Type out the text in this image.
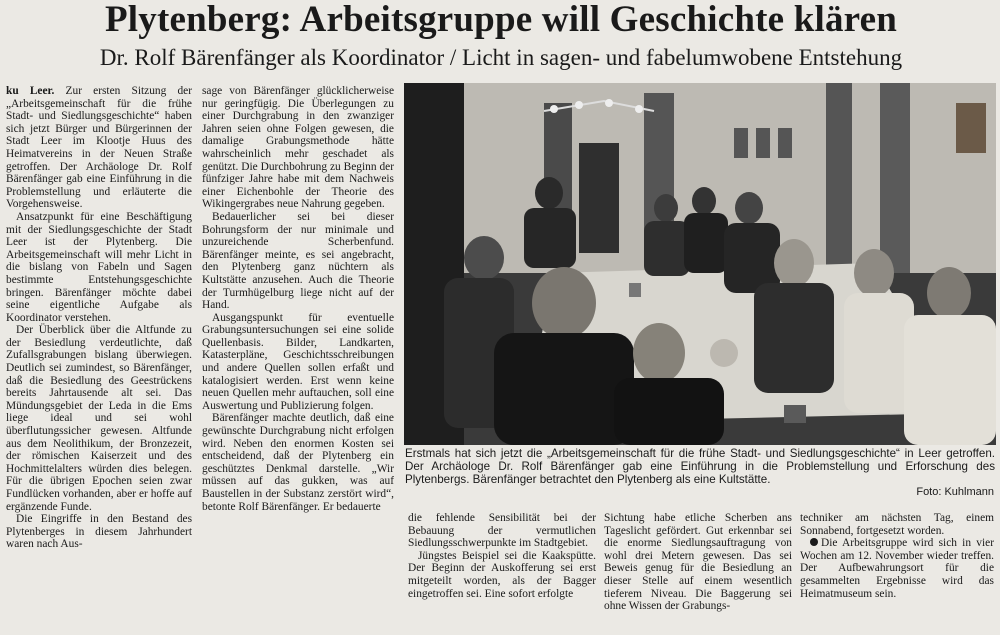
Plytenberg: Arbeitsgruppe will Geschichte klären
Dr. Rolf Bärenfänger als Koordinator / Licht in sagen- und fabelumwobene Entstehung

ku Leer. Zur ersten Sitzung der „Arbeitsgemeinschaft für die frühe Stadt- und Siedlungsgeschichte“ haben sich jetzt Bürger und Bürgerinnen der Stadt Leer im Klootje Huus des Heimatvereins in der Neuen Straße getroffen. Der Archäologe Dr. Rolf Bärenfänger gab eine Einführung in die Problemstellung und erläuterte die Vorgehensweise.

Ansatzpunkt für eine Beschäftigung mit der Siedlungsgeschichte der Stadt Leer ist der Plytenberg. Die Arbeitsgemeinschaft will mehr Licht in die bislang von Fabeln und Sagen bestimmte Entstehungsgeschichte bringen. Bärenfänger möchte dabei seine eigentliche Aufgabe als Koordinator verstehen.

Der Überblick über die Altfunde zu der Besiedlung verdeutlichte, daß Zufallsgrabungen bislang überwiegen. Deutlich sei zumindest, so Bärenfänger, daß die Besiedlung des Geestrückens bereits Jahrtausende alt sei. Das Mündungsgebiet der Leda in die Ems liege ideal und sei wohl überflutungssicher gewesen. Altfunde aus dem Neolithikum, der Bronzezeit, der römischen Kaiserzeit und des Hochmittelalters würden dies belegen. Für die übrigen Epochen seien zwar Fundlücken vorhanden, aber er hoffe auf ergänzende Funde.

Die Eingriffe in den Bestand des Plytenberges in diesem Jahrhundert waren nach Aus-

sage von Bärenfänger glücklicherweise nur geringfügig. Die Überlegungen zu einer Durchgrabung in den zwanziger Jahren seien ohne Folgen gewesen, die damalige Grabungsmethode hätte wahrscheinlich mehr geschadet als genützt. Die Durchbohrung zu Beginn der fünfziger Jahre habe mit dem Nachweis einer Eichenbohle der Theorie des Wikingergrabes neue Nahrung gegeben.

Bedauerlicher sei bei dieser Bohrungsform der nur minimale und unzureichende Scherbenfund. Bärenfänger meinte, es sei angebracht, den Plytenberg ganz nüchtern als Kultstätte anzusehen. Auch die Theorie der Turmhügelburg liege nicht auf der Hand.

Ausgangspunkt für eventuelle Grabungsuntersuchungen sei eine solide Quellenbasis. Bilder, Landkarten, Katasterpläne, Geschichtsschreibungen und andere Quellen sollen erfaßt und katalogisiert werden. Erst wenn keine neuen Quellen mehr auftauchen, soll eine Auswertung und Publizierung folgen.

Bärenfänger machte deutlich, daß eine gewünschte Durchgrabung nicht erfolgen wird. Neben den enormen Kosten sei entscheidend, daß der Plytenberg ein geschütztes Denkmal darstelle. „Wir müssen auf das gukken, was auf Baustellen in der Substanz zerstört wird“, betonte Rolf Bärenfänger. Er bedauerte

Erstmals hat sich jetzt die „Arbeitsgemeinschaft für die frühe Stadt- und Siedlungsgeschichte“ in Leer getroffen. Der Archäologe Dr. Rolf Bärenfänger gab eine Einführung in die Problemstellung und Erforschung des Plytenbergs. Bärenfänger betrachtet den Plytenberg als eine Kultstätte.
Foto: Kuhlmann

die fehlende Sensibilität bei der Bebauung der vermutlichen Siedlungsschwerpunkte im Stadtgebiet.

Jüngstes Beispiel sei die Kaakspütte. Der Beginn der Auskofferung sei erst mitgeteilt worden, als der Bagger eingetroffen sei. Eine sofort erfolgte

Sichtung habe etliche Scherben ans Tageslicht gefördert. Gut erkennbar sei die enorme Siedlungsauftragung von wohl drei Metern gewesen. Das sei Beweis genug für die Besiedlung an dieser Stelle auf einem wesentlich tieferem Niveau. Die Baggerung sei ohne Wissen der Grabungs-

techniker am nächsten Tag, einem Sonnabend, fortgesetzt worden.

Die Arbeitsgruppe wird sich in vier Wochen am 12. November wieder treffen. Der Aufbewahrungsort für die gesammelten Ergebnisse wird das Heimatmuseum sein.
